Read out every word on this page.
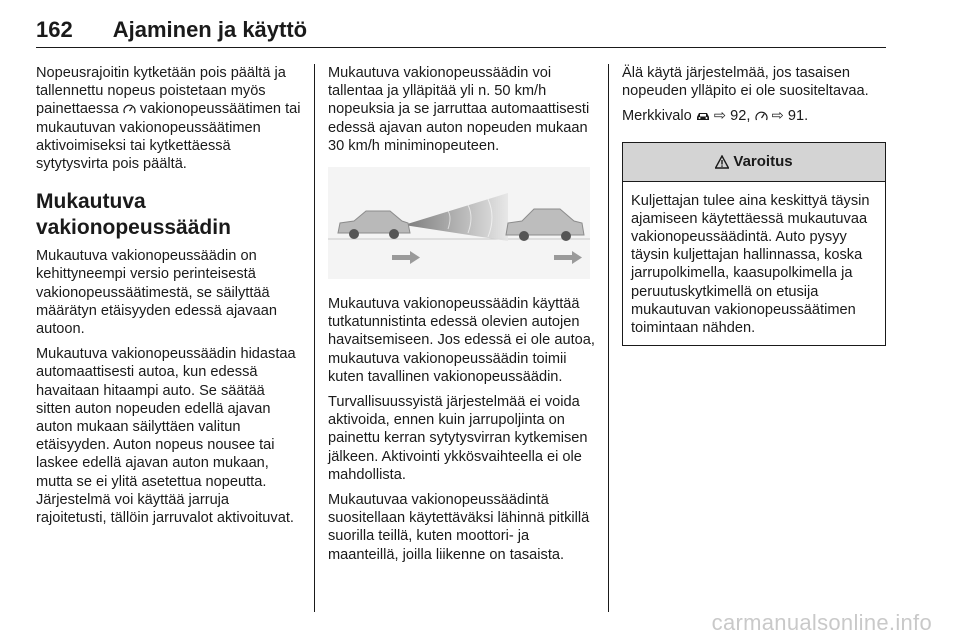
162 Ajaminen ja käyttö

Nopeusrajoitin kytketään pois päältä ja tallennettu nopeus poistetaan myös painettaessa vakionopeussäätimen tai mukautuvan vakionopeussäätimen aktivoimiseksi tai kytkettäessä sytytysvirta pois päältä.

Mukautuva vakionopeussäädin

Mukautuva vakionopeussäädin on kehittyneempi versio perinteisestä vakionopeussäätimestä, se säilyttää määrätyn etäisyyden edessä ajavaan autoon.

Mukautuva vakionopeussäädin hidastaa automaattisesti autoa, kun edessä havaitaan hitaampi auto. Se säätää sitten auton nopeuden edellä ajavan auton mukaan säilyttäen valitun etäisyyden. Auton nopeus nousee tai laskee edellä ajavan auton mukaan, mutta se ei ylitä asetettua nopeutta. Järjestelmä voi käyttää jarruja rajoitetusti, tällöin jarruvalot aktivoituvat.

Mukautuva vakionopeussäädin voi tallentaa ja ylläpitää yli n. 50 km/h nopeuksia ja se jarruttaa automaattisesti edessä ajavan auton nopeuden mukaan 30 km/h miniminopeuteen.

Mukautuva vakionopeussäädin käyttää tutkatunnistinta edessä olevien autojen havaitsemiseen. Jos edessä ei ole autoa, mukautuva vakionopeussäädin toimii kuten tavallinen vakionopeussäädin.

Turvallisuussyistä järjestelmää ei voida aktivoida, ennen kuin jarrupoljinta on painettu kerran sytytysvirran kytkemisen jälkeen. Aktivointi ykkösvaihteella ei ole mahdollista.

Mukautuvaa vakionopeussäädintä suositellaan käytettäväksi lähinnä pitkillä suorilla teillä, kuten moottori- ja maanteillä, joilla liikenne on tasaista.

Älä käytä järjestelmää, jos tasaisen nopeuden ylläpito ei ole suositeltavaa.

Merkkivalo ⇨ 92, ⇨ 91.

Varoitus
Kuljettajan tulee aina keskittyä täysin ajamiseen käytettäessä mukautuvaa vakionopeussäädintä. Auto pysyy täysin kuljettajan hallinnassa, koska jarrupolkimella, kaasupolkimella ja peruutuskytkimellä on etusija mukautuvan vakionopeussäätimen toimintaan nähden.
carmanualsonline.info
